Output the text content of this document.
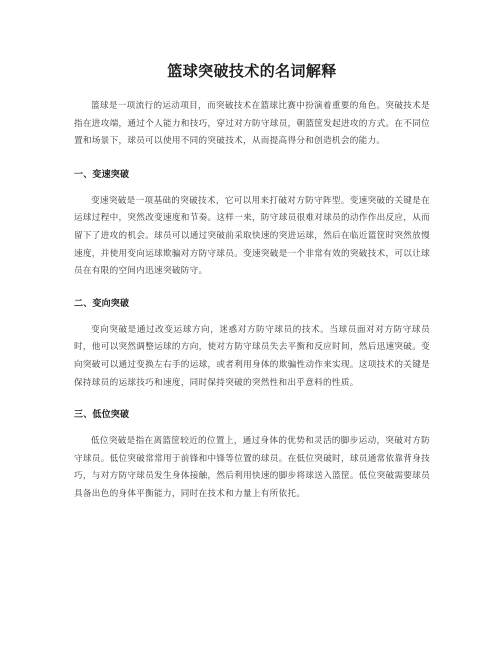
篮球突破技术的名词解释

篮球是一项流行的运动项目，而突破技术在篮球比赛中扮演着重要的角色。突破技术是指在进攻端，通过个人能力和技巧，穿过对方防守球员，朝篮筐发起进攻的方式。在不同位置和场景下，球员可以使用不同的突破技术，从而提高得分和创造机会的能力。

一、变速突破

变速突破是一项基础的突破技术，它可以用来打破对方防守阵型。变速突破的关键是在运球过程中，突然改变速度和节奏。这样一来，防守球员很难对球员的动作作出反应，从而留下了进攻的机会。球员可以通过突破前采取快速的突进运球，然后在临近篮筐时突然放慢速度，并使用变向运球欺骗对方防守球员。变速突破是一个非常有效的突破技术，可以让球员在有限的空间内迅速突破防守。

二、变向突破

变向突破是通过改变运球方向，迷惑对方防守球员的技术。当球员面对对方防守球员时，他可以突然调整运球的方向，使对方防守球员失去平衡和反应时间，然后迅速突破。变向突破可以通过变换左右手的运球，或者利用身体的欺骗性动作来实现。这项技术的关键是保持球员的运球技巧和速度，同时保持突破的突然性和出乎意料的性质。

三、低位突破

低位突破是指在离篮筐较近的位置上，通过身体的优势和灵活的脚步运动，突破对方防守球员。低位突破常常用于前锋和中锋等位置的球员。在低位突破时，球员通常依靠背身技巧，与对方防守球员发生身体接触，然后利用快速的脚步将球送入篮筐。低位突破需要球员具备出色的身体平衡能力，同时在技术和力量上有所依托。
